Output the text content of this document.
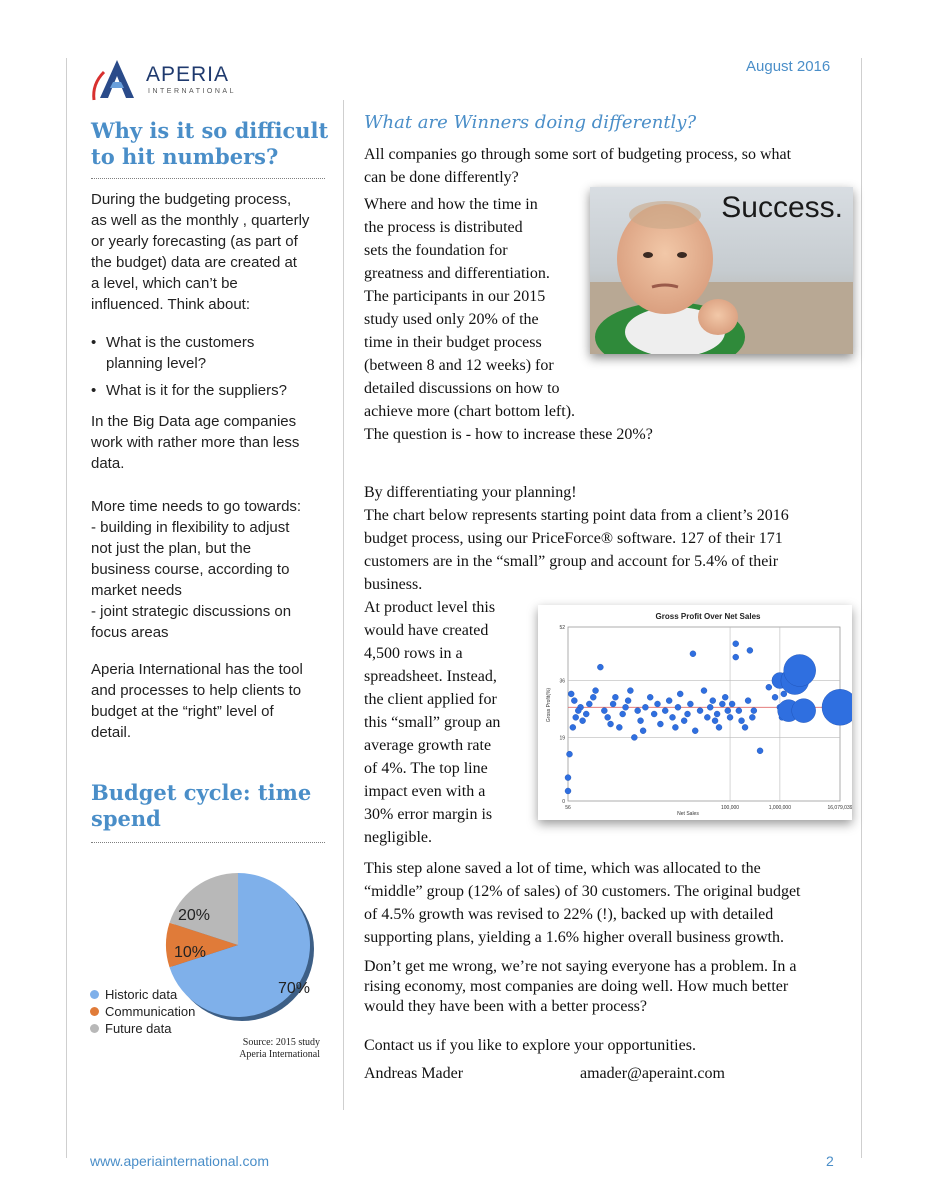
APERIA
INTERNATIONAL
August 2016
Why is it so difficult
to hit numbers?

During the budgeting process,

as well as the monthly , quarterly

or yearly forecasting (as part of

the budget) data are created at

a level, which can’t be

influenced. Think about:

• What is the customers

planning level?

• What is it for the suppliers?

In the Big Data age companies

work with rather more than less

data.

More time needs to go towards:

- building in flexibility to adjust

not just the plan, but the

business course, according to

market needs

- joint strategic discussions on

focus areas

Aperia International has the tool

and processes to help clients to

budget at the “right” level of

detail.

Budget cycle: time
spend
70%
10%
20%
Historic data
Communication
Future data
Source: 2015 study
Aperia International
What are Winners doing differently?
All companies go through some sort of budgeting process, so what
can be done differently?
Where and how the time in
the process is distributed
sets the foundation for
greatness and differentiation.
The participants in our 2015
study used only 20% of the
time in their budget process
(between 8 and 12 weeks) for
detailed discussions on how to
achieve more (chart bottom left).
The question is - how to increase these 20%?
Success.
By differentiating your planning!
The chart below represents starting point data from a client’s 2016
budget process, using our PriceForce® software. 127 of their 171
customers are in the “small” group and account for 5.4% of their
business.
At product level this
would have created
4,500 rows in a
spreadsheet. Instead,
the client applied for
this “small” group an
average growth rate
of 4%. The top line
impact even with a
30% error margin is
negligible.
Gross Profit Over Net Sales
Net Sales
Gross Profit(%)
56	100,000	1,000,000	16,079,039
0
19
36
52
This step alone saved a lot of time, which was allocated to the
“middle” group (12% of sales) of 30 customers. The original budget
of 4.5% growth was revised to 22% (!), backed up with detailed
supporting plans, yielding a 1.6% higher overall business growth.
Don’t get me wrong, we’re not saying everyone has a problem. In a
rising economy, most companies are doing well. How much better
would they have been with a better process?
Contact us if you like to explore your opportunities.
Andreas Mader	amader@aperaint.com
www.aperiainternational.com	2
